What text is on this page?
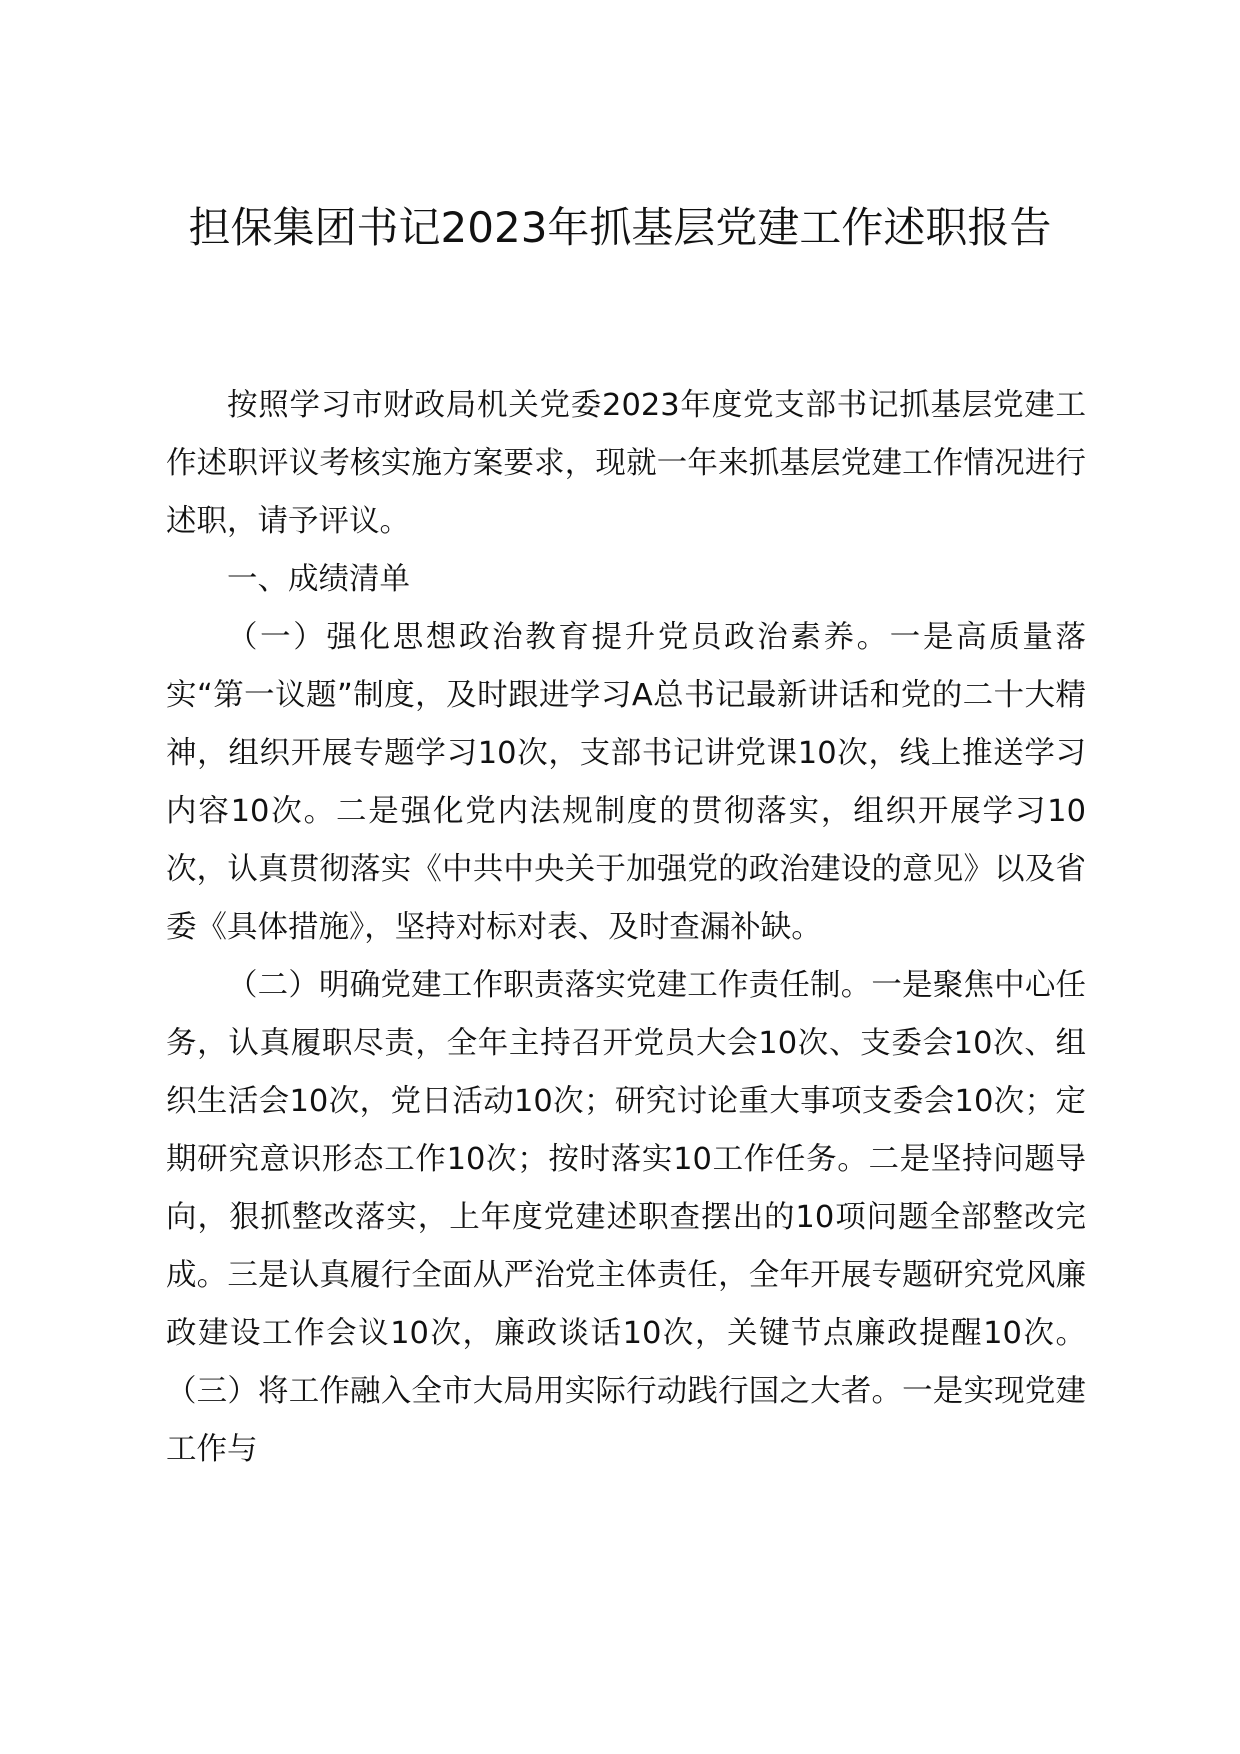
担保集团书记2023年抓基层党建工作述职报告

按照学习市财政局机关党委2023年度党支部书记抓基层党建工作述职评议考核实施方案要求，现就一年来抓基层党建工作情况进行述职，请予评议。

一、成绩清单

（一）强化思想政治教育提升党员政治素养。一是高质量落实“第一议题”制度，及时跟进学习A总书记最新讲话和党的二十大精神，组织开展专题学习10次，支部书记讲党课10次，线上推送学习内容10次。二是强化党内法规制度的贯彻落实，组织开展学习10次，认真贯彻落实《中共中央关于加强党的政治建设的意见》以及省委《具体措施》，坚持对标对表、及时查漏补缺。

（二）明确党建工作职责落实党建工作责任制。一是聚焦中心任务，认真履职尽责，全年主持召开党员大会10次、支委会10次、组织生活会10次，党日活动10次；研究讨论重大事项支委会10次；定期研究意识形态工作10次；按时落实10工作任务。二是坚持问题导向，狠抓整改落实，上年度党建述职查摆出的10项问题全部整改完成。三是认真履行全面从严治党主体责任，全年开展专题研究党风廉政建设工作会议10次，廉政谈话10次，关键节点廉政提醒10次。（三）将工作融入全市大局用实际行动践行国之大者。一是实现党建工作与
